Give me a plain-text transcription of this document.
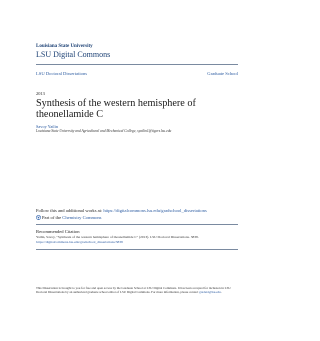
Louisiana State University
LSU Digital Commons
LSU Doctoral Dissertations	Graduate School
2013
Synthesis of the western hemisphere of theonellamide C
Savoy Yatlin
Louisiana State University and Agricultural and Mechanical College, syatlin1@tigers.lsu.edu
Follow this and additional works at: https://digitalcommons.lsu.edu/gradschool_dissertations
Part of the Chemistry Commons
Recommended Citation
Yatlin, Savoy, "Synthesis of the western hemisphere of theonellamide C" (2013). LSU Doctoral Dissertations. 3838.
https://digitalcommons.lsu.edu/gradschool_dissertations/3838
This Dissertation is brought to you for free and open access by the Graduate School at LSU Digital Commons. It has been accepted for inclusion in LSU Doctoral Dissertations by an authorized graduate school editor of LSU Digital Commons. For more information, please contact gradetd@lsu.edu.
